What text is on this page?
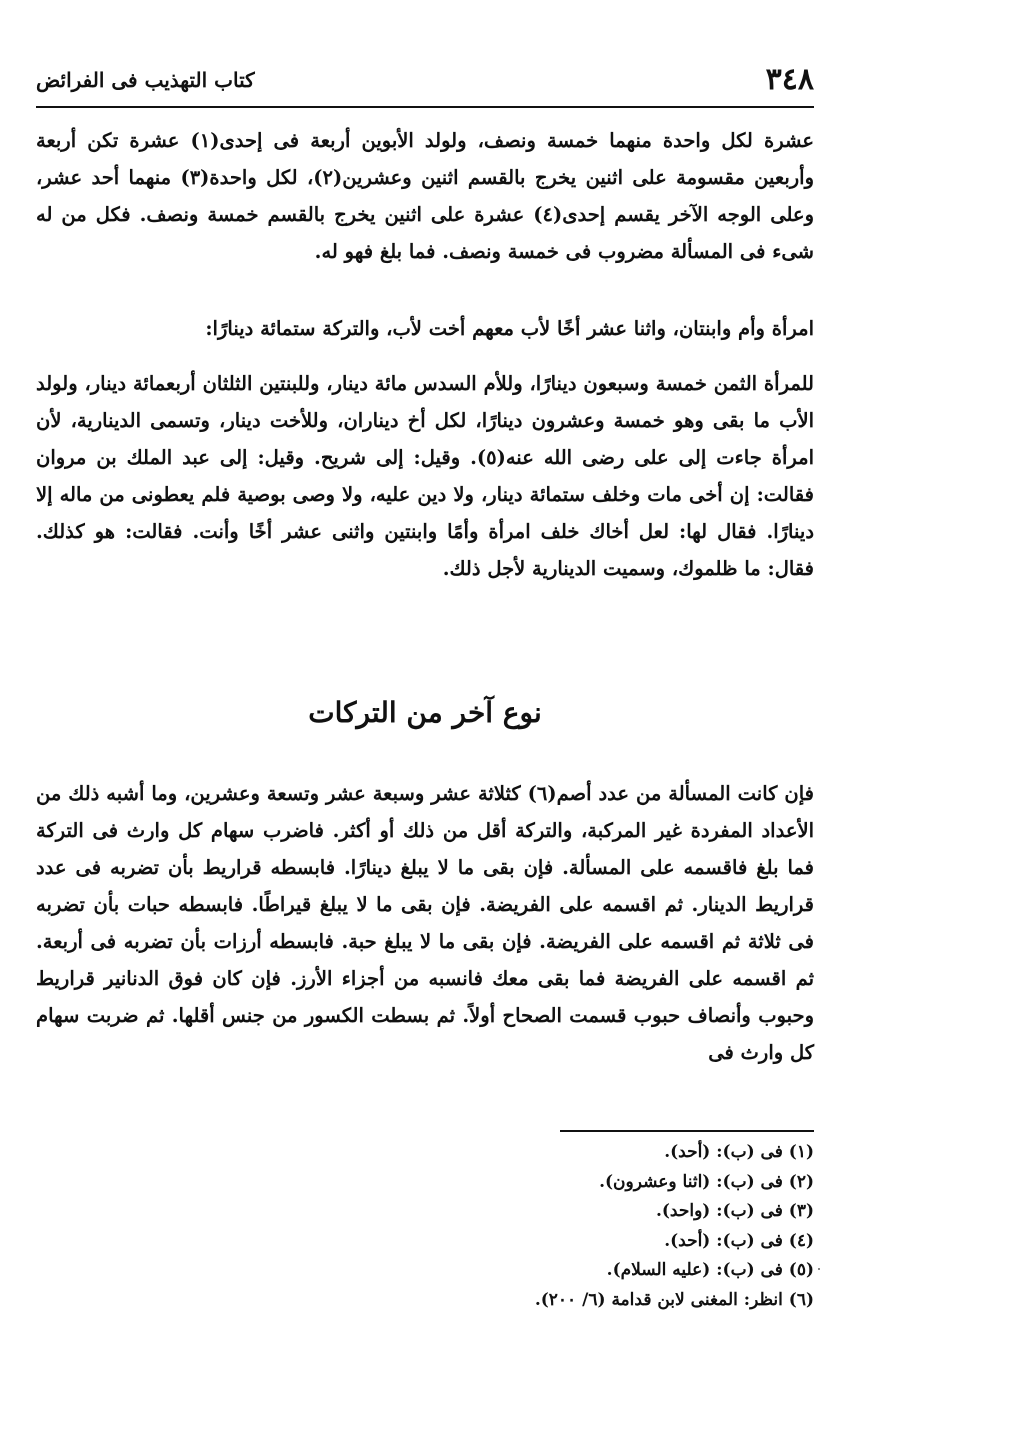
٣٤٨
كتاب التهذيب فى الفرائض

عشرة لكل واحدة منهما خمسة ونصف، ولولد الأبوين أربعة فى إحدى(١) عشرة تكن أربعة وأربعين مقسومة على اثنين يخرج بالقسم اثنين وعشرين(٢)، لكل واحدة(٣) منهما أحد عشر، وعلى الوجه الآخر يقسم إحدى(٤) عشرة على اثنين يخرج بالقسم خمسة ونصف. فكل من له شىء فى المسألة مضروب فى خمسة ونصف. فما بلغ فهو له.

امرأة وأم وابنتان، واثنا عشر أخًا لأب معهم أخت لأب، والتركة ستمائة دينارًا:

للمرأة الثمن خمسة وسبعون دينارًا، وللأم السدس مائة دينار، وللبنتين الثلثان أربعمائة دينار، ولولد الأب ما بقى وهو خمسة وعشرون دينارًا، لكل أخ ديناران، وللأخت دينار، وتسمى الدينارية، لأن امرأة جاءت إلى على رضى الله عنه(٥). وقيل: إلى شريح. وقيل: إلى عبد الملك بن مروان فقالت: إن أخى مات وخلف ستمائة دينار، ولا دين عليه، ولا وصى بوصية فلم يعطونى من ماله إلا دينارًا. فقال لها: لعل أخاك خلف امرأة وأمًا وابنتين واثنى عشر أخًا وأنت. فقالت: هو كذلك. فقال: ما ظلموك، وسميت الدينارية لأجل ذلك.

نوع آخر من التركات

فإن كانت المسألة من عدد أصم(٦) كثلاثة عشر وسبعة عشر وتسعة وعشرين، وما أشبه ذلك من الأعداد المفردة غير المركبة، والتركة أقل من ذلك أو أكثر. فاضرب سهام كل وارث فى التركة فما بلغ فاقسمه على المسألة. فإن بقى ما لا يبلغ دينارًا. فابسطه قراريط بأن تضربه فى عدد قراريط الدينار. ثم اقسمه على الفريضة. فإن بقى ما لا يبلغ قيراطًا. فابسطه حبات بأن تضربه فى ثلاثة ثم اقسمه على الفريضة. فإن بقى ما لا يبلغ حبة. فابسطه أرزات بأن تضربه فى أربعة. ثم اقسمه على الفريضة فما بقى معك فانسبه من أجزاء الأرز. فإن كان فوق الدنانير قراريط وحبوب وأنصاف حبوب قسمت الصحاح أولاً. ثم بسطت الكسور من جنس أقلها. ثم ضربت سهام كل وارث فى

(١) فى (ب): (أحد).

(٢) فى (ب): (اثنا وعشرون).

(٣) فى (ب): (واحد).

(٤) فى (ب): (أحد).

(٥) فى (ب): (عليه السلام).

(٦) انظر: المغنى لابن قدامة (٦/ ٢٠٠).
